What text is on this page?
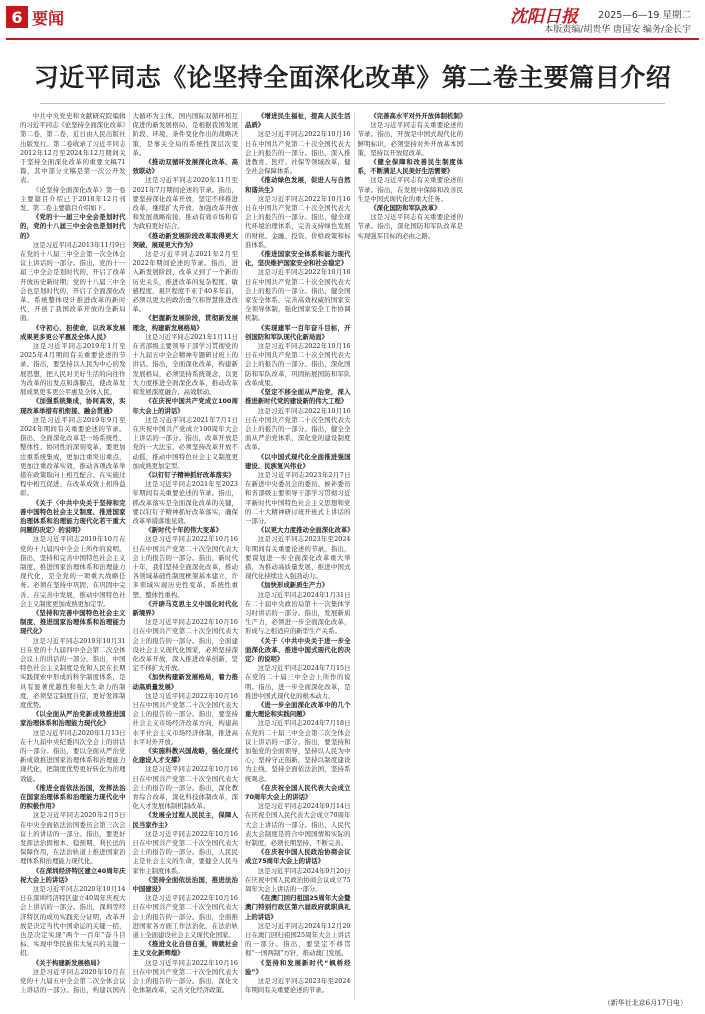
6 要闻	沈阳日报 2025—6—19 星期二
本版责编/胡贵华 唐国安 编务/金长宇
习近平同志《论坚持全面深化改革》第二卷主要篇目介绍

中共中央党史和文献研究院编辑的习近平同志《论坚持全面深化改革》第二卷，第二卷，近日由人民出版社出版发行。第二卷收录了习近平同志2012年12月至2024年12月期间关于坚持全面深化改革的重要文稿71篇，其中部分文稿是第一次公开发表。

《论坚持全面深化改革》第一卷主要篇目介绍已于2018年12月刊发。第二卷主要篇目介绍如下。

《党的十一届三中全会是划时代的，党的十八届三中全会也是划时代的》

这是习近平同志2013年11月9日在党的十八届三中全会第一次全体会议上讲话的一部分。指出，党的十一届三中全会是划时代的，开启了改革开放历史新时期；党的十八届三中全会也是划时代的，开启了全面深化改革、系统整体设计推进改革的新时代，开创了我国改革开放的全新局面。

《守初心、担使命，以改革发展成果更多更公平惠及全体人民》

这是习近平同志2019年1月至2025年4月期间有关重要论述的节录。指出，要坚持以人民为中心的发展思想，把人民对美好生活的向往作为改革的出发点和落脚点，使改革发展成果更多更公平惠及全体人民。

《加强系统集成，协同高效，实现改革举措有机衔接、融会贯通》

这是习近平同志2019年9月至2024年期间有关重要论述的节录。指出，全面深化改革是一场系统性、整体性、协同性的深刻变革，要更加注重系统集成，更加注重突出重点，更加注重改革实效，推动各项改革举措在政策取向上相互配合、在实施过程中相互促进、在改革成效上相得益彰。

《关于〈中共中央关于坚持和完善中国特色社会主义制度、推进国家治理体系和治理能力现代化若干重大问题的决定〉的说明》

这是习近平同志2019年10月在党的十九届四中全会上所作的说明。指出，坚持和完善中国特色社会主义制度、推进国家治理体系和治理能力现代化，是全党的一项重大战略任务。必须在坚持中巩固、在巩固中完善、在完善中发展，推动中国特色社会主义制度更加成熟更加定型。

《坚持和完善中国特色社会主义制度、推进国家治理体系和治理能力现代化》

这是习近平同志2019年10月31日在党的十九届四中全会第二次全体会议上的讲话的一部分。指出，中国特色社会主义制度是党和人民在长期实践探索中形成的科学制度体系，是具有显著优越性和强大生命力的制度，必须坚定制度自信，更好发挥制度优势。

《以全面从严治党新成效推进国家治理体系和治理能力现代化》

这是习近平同志2020年1月13日在十九届中央纪委四次全会上的讲话的一部分。指出，要以全面从严治党新成效推进国家治理体系和治理能力现代化，把制度优势更好转化为治理效能。

《推进全面依法治国，发挥法治在国家治理体系和治理能力现代化中的积极作用》

这是习近平同志2020年2月5日在中央全面依法治国委员会第三次会议上的讲话的一部分。指出，要更好发挥法治固根本、稳预期、利长远的保障作用，在法治轨道上推进国家治理体系和治理能力现代化。

《在深圳经济特区建立40周年庆祝大会上的讲话》

这是习近平同志2020年10月14日在深圳经济特区建立40周年庆祝大会上讲话的一部分。指出，深圳等经济特区的成功实践充分证明，改革开放是决定当代中国命运的关键一招，也是决定实现“两个一百年”奋斗目标、实现中华民族伟大复兴的关键一招。

《关于构建新发展格局》

这是习近平同志2020年10月在党的十九届五中全会第二次全体会议上讲话的一部分。指出，构建以国内大循环为主体、国内国际双循环相互促进的新发展格局，是根据我国发展阶段、环境、条件变化作出的战略决策，是事关全局的系统性深层次变革。

《推动双循环发展深化改革、高效联动》

这是习近平同志2020年11月至2021年7月期间论述的节录。指出，要坚持深化改革开放，坚定不移推进改革，继续扩大开放，加强改革开放和发展战略衔接，推动有效市场和有为政府更好结合。

《推动新发展阶段改革取得更大突破、展现更大作为》

这是习近平同志2021年2月至2022年期间论述的节录。指出，进入新发展阶段，改革又到了一个新的历史关头，推进改革的复杂程度、敏感程度、艰巨程度不亚于40多年前，必须以更大的政治勇气和智慧推进改革。

《把握新发展阶段，贯彻新发展理念，构建新发展格局》

这是习近平同志2021年1月11日在省部级主要领导干部学习贯彻党的十九届五中全会精神专题研讨班上的讲话。指出，全面深化改革，构建新发展格局，必须坚持系统观念，以更大力度推进全面深化改革，推动改革和发展深度融合、高效联动。

《在庆祝中国共产党成立100周年大会上的讲话》

这是习近平同志2021年7月1日在庆祝中国共产党成立100周年大会上讲话的一部分。指出，改革开放是党的一大法宝，必须坚持改革开放不动摇，推动中国特色社会主义制度更加成熟更加定型。

《以钉钉子精神抓好改革落实》

这是习近平同志2021年至2023年期间有关重要论述的节录。指出，抓改革落实是全面深化改革的关键，要以钉钉子精神抓好改革落实，确保改革举措落地见效。

《新时代十年的伟大变革》

这是习近平同志2022年10月16日在中国共产党第二十次全国代表大会上的报告的一部分。指出，新时代十年，我们坚持全面深化改革，推动各领域基础性制度框架基本建立，许多领域实现历史性变革、系统性重塑、整体性重构。

《开辟马克思主义中国化时代化新境界》

这是习近平同志2022年10月16日在中国共产党第二十次全国代表大会上的报告的一部分。指出，全面建设社会主义现代化国家，必须坚持深化改革开放，深入推进改革创新，坚定不移扩大开放。

《加快构建新发展格局，着力推动高质量发展》

这是习近平同志2022年10月16日在中国共产党第二十次全国代表大会上的报告的一部分。指出，要坚持社会主义市场经济改革方向，构建高水平社会主义市场经济体制，推进高水平对外开放。

《实施科教兴国战略，强化现代化建设人才支撑》

这是习近平同志2022年10月16日在中国共产党第二十次全国代表大会上的报告的一部分。指出，深化教育综合改革，深化科技体制改革，深化人才发展体制机制改革。

《发展全过程人民民主，保障人民当家作主》

这是习近平同志2022年10月16日在中国共产党第二十次全国代表大会上的报告的一部分。指出，人民民主是社会主义的生命，要健全人民当家作主制度体系。

《坚持全面依法治国，推进法治中国建设》

这是习近平同志2022年10月16日在中国共产党第二十次全国代表大会上的报告的一部分。指出，全面推进国家各方面工作法治化，在法治轨道上全面建设社会主义现代化国家。

《推进文化自信自强，铸就社会主义文化新辉煌》

这是习近平同志2022年10月16日在中国共产党第二十次全国代表大会上的报告的一部分。指出，深化文化体制改革，完善文化经济政策。

《增进民生福祉，提高人民生活品质》

这是习近平同志2022年10月16日在中国共产党第二十次全国代表大会上的报告的一部分。指出，深入推进教育、医疗、社保等领域改革，健全社会保障体系。

《推动绿色发展，促进人与自然和谐共生》

这是习近平同志2022年10月16日在中国共产党第二十次全国代表大会上的报告的一部分。指出，健全现代环境治理体系，完善支持绿色发展的财税、金融、投资、价格政策和标准体系。

《推进国家安全体系和能力现代化，坚决维护国家安全和社会稳定》

这是习近平同志2022年10月16日在中国共产党第二十次全国代表大会上的报告的一部分。指出，健全国家安全体系，完善高效权威的国家安全领导体制，强化国家安全工作协调机制。

《实现建军一百年奋斗目标，开创国防和军队现代化新局面》

这是习近平同志2022年10月16日在中国共产党第二十次全国代表大会上的报告的一部分。指出，深化国防和军队改革，巩固拓展国防和军队改革成果。

《坚定不移全面从严治党，深入推进新时代党的建设新的伟大工程》

这是习近平同志2022年10月16日在中国共产党第二十次全国代表大会上的报告的一部分。指出，健全全面从严治党体系，深化党的建设制度改革。

《以中国式现代化全面推进强国建设、民族复兴伟业》

这是习近平同志2023年2月7日在新进中央委员会的委员、候补委员和省部级主要领导干部学习贯彻习近平新时代中国特色社会主义思想和党的二十大精神研讨班开班式上讲话的一部分。

《以更大力度推动全面深化改革》

这是习近平同志2023年至2024年期间有关重要论述的节录。指出，要谋划进一步全面深化改革重大举措，为推动高质量发展、推进中国式现代化持续注入强劲动力。

《加快形成新质生产力》

这是习近平同志2024年1月31日在二十届中央政治局第十一次集体学习时讲话的一部分。指出，发展新质生产力，必须进一步全面深化改革，形成与之相适应的新型生产关系。

《关于〈中共中央关于进一步全面深化改革、推进中国式现代化的决定〉的说明》

这是习近平同志2024年7月15日在党的二十届三中全会上所作的说明。指出，进一步全面深化改革，是推进中国式现代化的根本动力。

《进一步全面深化改革中的几个重大理论和实践问题》

这是习近平同志2024年7月18日在党的二十届三中全会第二次全体会议上讲话的一部分。指出，要坚持和加强党的全面领导，坚持以人民为中心，坚持守正创新，坚持以制度建设为主线，坚持全面依法治国，坚持系统观念。

《在庆祝全国人民代表大会成立70周年大会上的讲话》

这是习近平同志2024年9月14日在庆祝全国人民代表大会成立70周年大会上讲话的一部分。指出，人民代表大会制度是符合中国国情和实际的好制度，必须长期坚持、不断完善。

《在庆祝中国人民政治协商会议成立75周年大会上的讲话》

这是习近平同志2024年9月20日在庆祝中国人民政治协商会议成立75周年大会上讲话的一部分。

《在澳门回归祖国25周年大会暨澳门特别行政区第六届政府就职典礼上的讲话》

这是习近平同志2024年12月20日在澳门回归祖国25周年大会上讲话的一部分。指出，要坚定不移贯彻“一国两制”方针，推动澳门发展。

《坚持和发展新时代“枫桥经验”》

这是习近平同志2023年至2024年期间有关重要论述的节录。

《完善高水平对外开放体制机制》

这是习近平同志有关重要论述的节录。指出，开放是中国式现代化的鲜明标识，必须坚持对外开放基本国策，坚持以开放促改革。

《健全保障和改善民生制度体系，不断满足人民美好生活需要》

这是习近平同志有关重要论述的节录。指出，在发展中保障和改善民生是中国式现代化的重大任务。

《深化国防和军队改革》

这是习近平同志有关重要论述的节录。指出，深化国防和军队改革是实现强军目标的必由之路。

（新华社北京6月17日电）
